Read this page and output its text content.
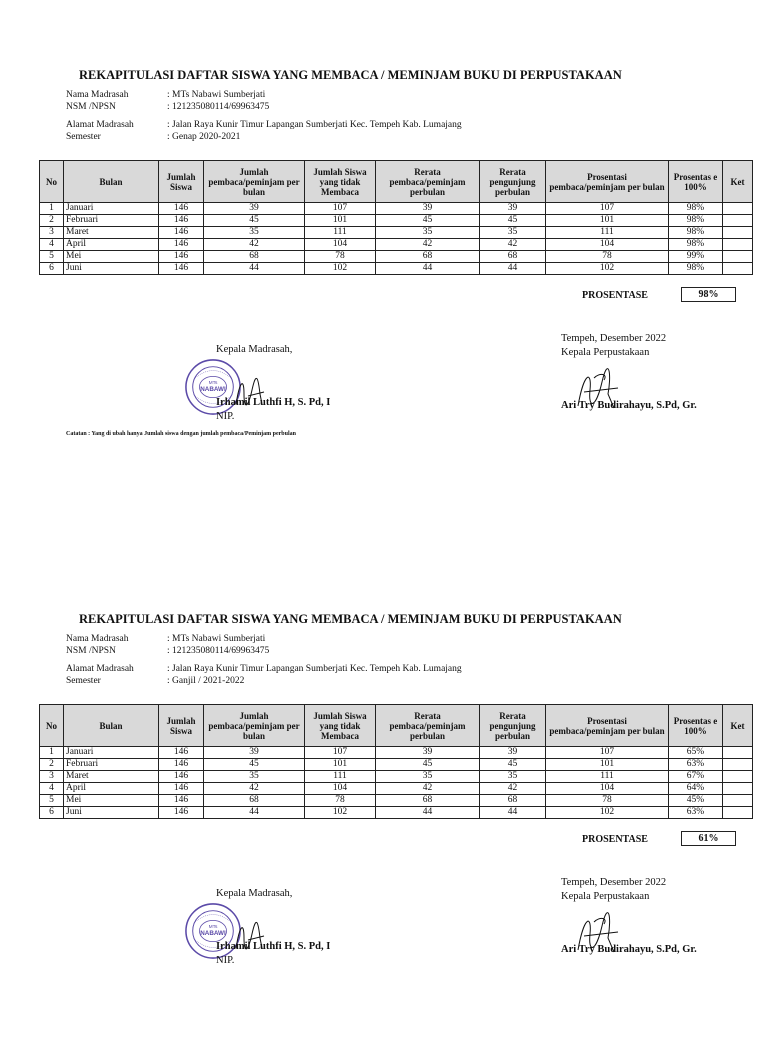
REKAPITULASI DAFTAR SISWA YANG MEMBACA / MEMINJAM BUKU DI PERPUSTAKAAN
Nama Madrasah	: MTs Nabawi Sumberjati
NSM /NPSN	: 121235080114/69963475
Alamat Madrasah	: Jalan Raya Kunir Timur Lapangan Sumberjati Kec. Tempeh Kab. Lumajang
Semester	: Genap 2020-2021
No	Bulan	Jumlah Siswa	Jumlah pembaca/peminjam per bulan	Jumlah Siswa yang tidak Membaca	Rerata pembaca/peminjam perbulan	Rerata pengunjung perbulan	Prosentasi pembaca/peminjam per bulan	Prosentas e 100%	Ket
1	Januari	146	39	107	39	39	107	98%	
2	Februari	146	45	101	45	45	101	98%	
3	Maret	146	35	111	35	35	111	98%	
4	April	146	42	104	42	42	104	98%	
5	Mei	146	68	78	68	68	78	99%	
6	Juni	146	44	102	44	44	102	98%	
PROSENTASE	98%
Tempeh, Desember 2022
Kepala Perpustakaan
Kepala Madrasah,
MTs
NABAWI
Irhamil Luthfi H, S. Pd, I
NIP.
Ari Try Budirahayu, S.Pd, Gr.
Catatan : Yang di ubah hanya Jumlah siswa dengan jumlah pembaca/Peminjam perbulan
REKAPITULASI DAFTAR SISWA YANG MEMBACA / MEMINJAM BUKU DI PERPUSTAKAAN
Nama Madrasah	: MTs Nabawi Sumberjati
NSM /NPSN	: 121235080114/69963475
Alamat Madrasah	: Jalan Raya Kunir Timur Lapangan Sumberjati Kec. Tempeh Kab. Lumajang
Semester	: Ganjil / 2021-2022
No	Bulan	Jumlah Siswa	Jumlah pembaca/peminjam per bulan	Jumlah Siswa yang tidak Membaca	Rerata pembaca/peminjam perbulan	Rerata pengunjung perbulan	Prosentasi pembaca/peminjam per bulan	Prosentas e 100%	Ket
1	Januari	146	39	107	39	39	107	65%	
2	Februari	146	45	101	45	45	101	63%	
3	Maret	146	35	111	35	35	111	67%	
4	April	146	42	104	42	42	104	64%	
5	Mei	146	68	78	68	68	78	45%	
6	Juni	146	44	102	44	44	102	63%	
PROSENTASE	61%
Tempeh, Desember 2022
Kepala Perpustakaan
Kepala Madrasah,
MTs
NABAWI
Irhamil Luthfi H, S. Pd, I
NIP.
Ari Try Budirahayu, S.Pd, Gr.
